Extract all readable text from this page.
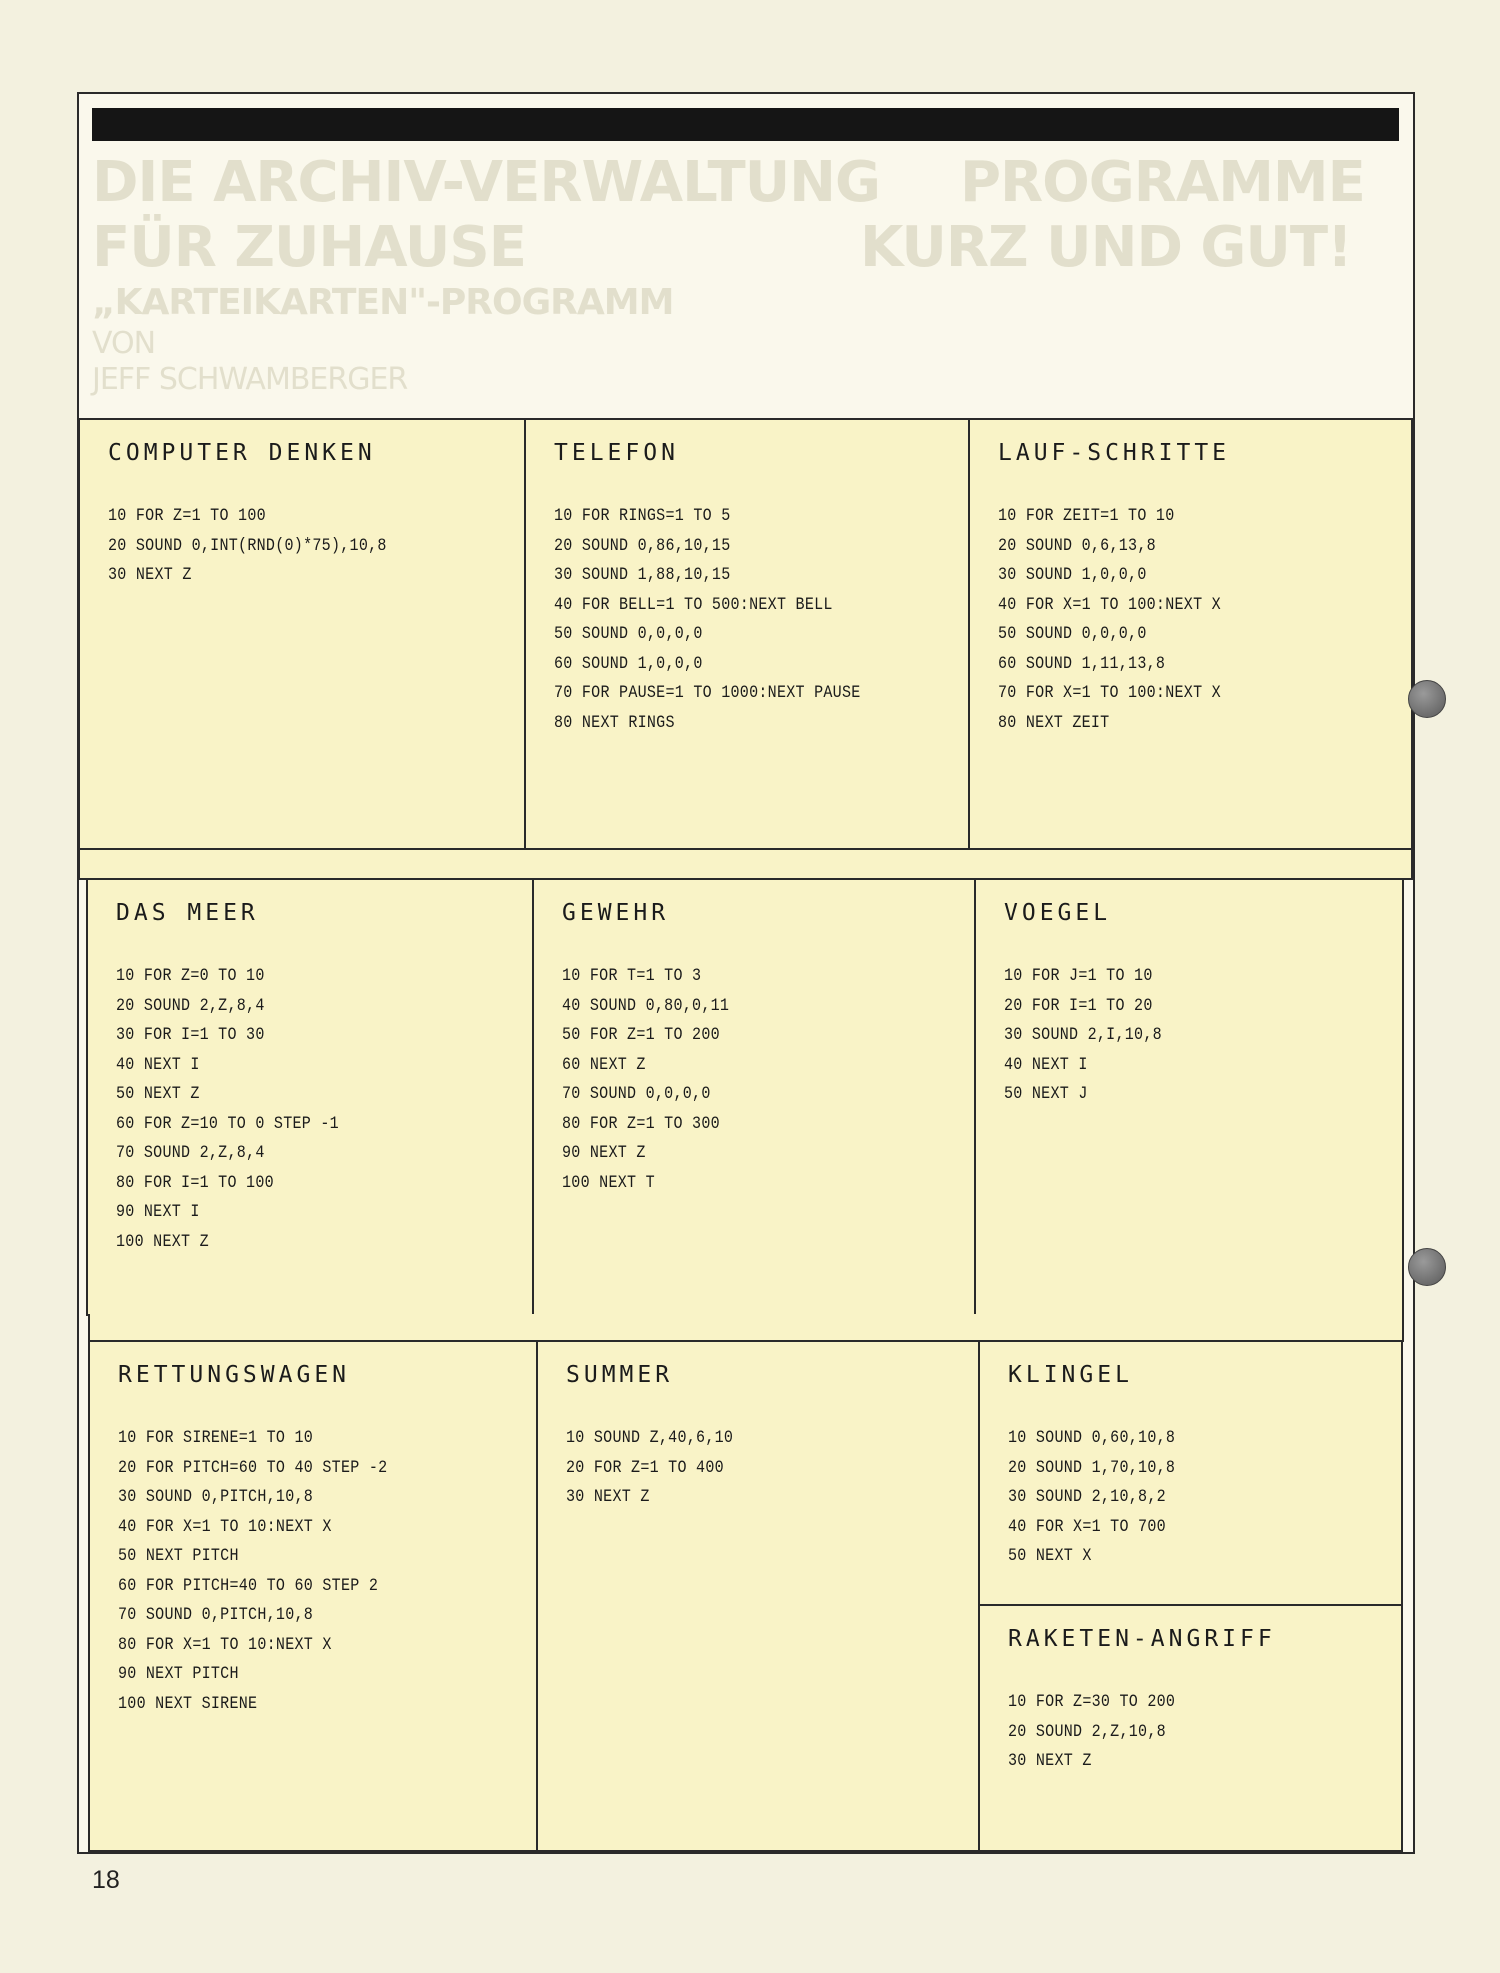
DIE ARCHIV-VERWALTUNG
FÜR ZUHAUSE
„KARTEIKARTEN"-PROGRAMM
VON
JEFF SCHWAMBERGER
PROGRAMME
KURZ UND GUT!
COMPUTER DENKEN
10 FOR Z=1 TO 100
20 SOUND 0,INT(RND(0)*75),10,8
30 NEXT Z
TELEFON
10 FOR RINGS=1 TO 5
20 SOUND 0,86,10,15
30 SOUND 1,88,10,15
40 FOR BELL=1 TO 500:NEXT BELL
50 SOUND 0,0,0,0
60 SOUND 1,0,0,0
70 FOR PAUSE=1 TO 1000:NEXT PAUSE
80 NEXT RINGS
LAUF-SCHRITTE
10 FOR ZEIT=1 TO 10
20 SOUND 0,6,13,8
30 SOUND 1,0,0,0
40 FOR X=1 TO 100:NEXT X
50 SOUND 0,0,0,0
60 SOUND 1,11,13,8
70 FOR X=1 TO 100:NEXT X
80 NEXT ZEIT
DAS MEER
10 FOR Z=0 TO 10
20 SOUND 2,Z,8,4
30 FOR I=1 TO 30
40 NEXT I
50 NEXT Z
60 FOR Z=10 TO 0 STEP -1
70 SOUND 2,Z,8,4
80 FOR I=1 TO 100
90 NEXT I
100 NEXT Z
GEWEHR
10 FOR T=1 TO 3
40 SOUND 0,80,0,11
50 FOR Z=1 TO 200
60 NEXT Z
70 SOUND 0,0,0,0
80 FOR Z=1 TO 300
90 NEXT Z
100 NEXT T
VOEGEL
10 FOR J=1 TO 10
20 FOR I=1 TO 20
30 SOUND 2,I,10,8
40 NEXT I
50 NEXT J
RETTUNGSWAGEN
10 FOR SIRENE=1 TO 10
20 FOR PITCH=60 TO 40 STEP -2
30 SOUND 0,PITCH,10,8
40 FOR X=1 TO 10:NEXT X
50 NEXT PITCH
60 FOR PITCH=40 TO 60 STEP 2
70 SOUND 0,PITCH,10,8
80 FOR X=1 TO 10:NEXT X
90 NEXT PITCH
100 NEXT SIRENE
SUMMER
10 SOUND Z,40,6,10
20 FOR Z=1 TO 400
30 NEXT Z
KLINGEL
10 SOUND 0,60,10,8
20 SOUND 1,70,10,8
30 SOUND 2,10,8,2
40 FOR X=1 TO 700
50 NEXT X
RAKETEN-ANGRIFF
10 FOR Z=30 TO 200
20 SOUND 2,Z,10,8
30 NEXT Z
18
